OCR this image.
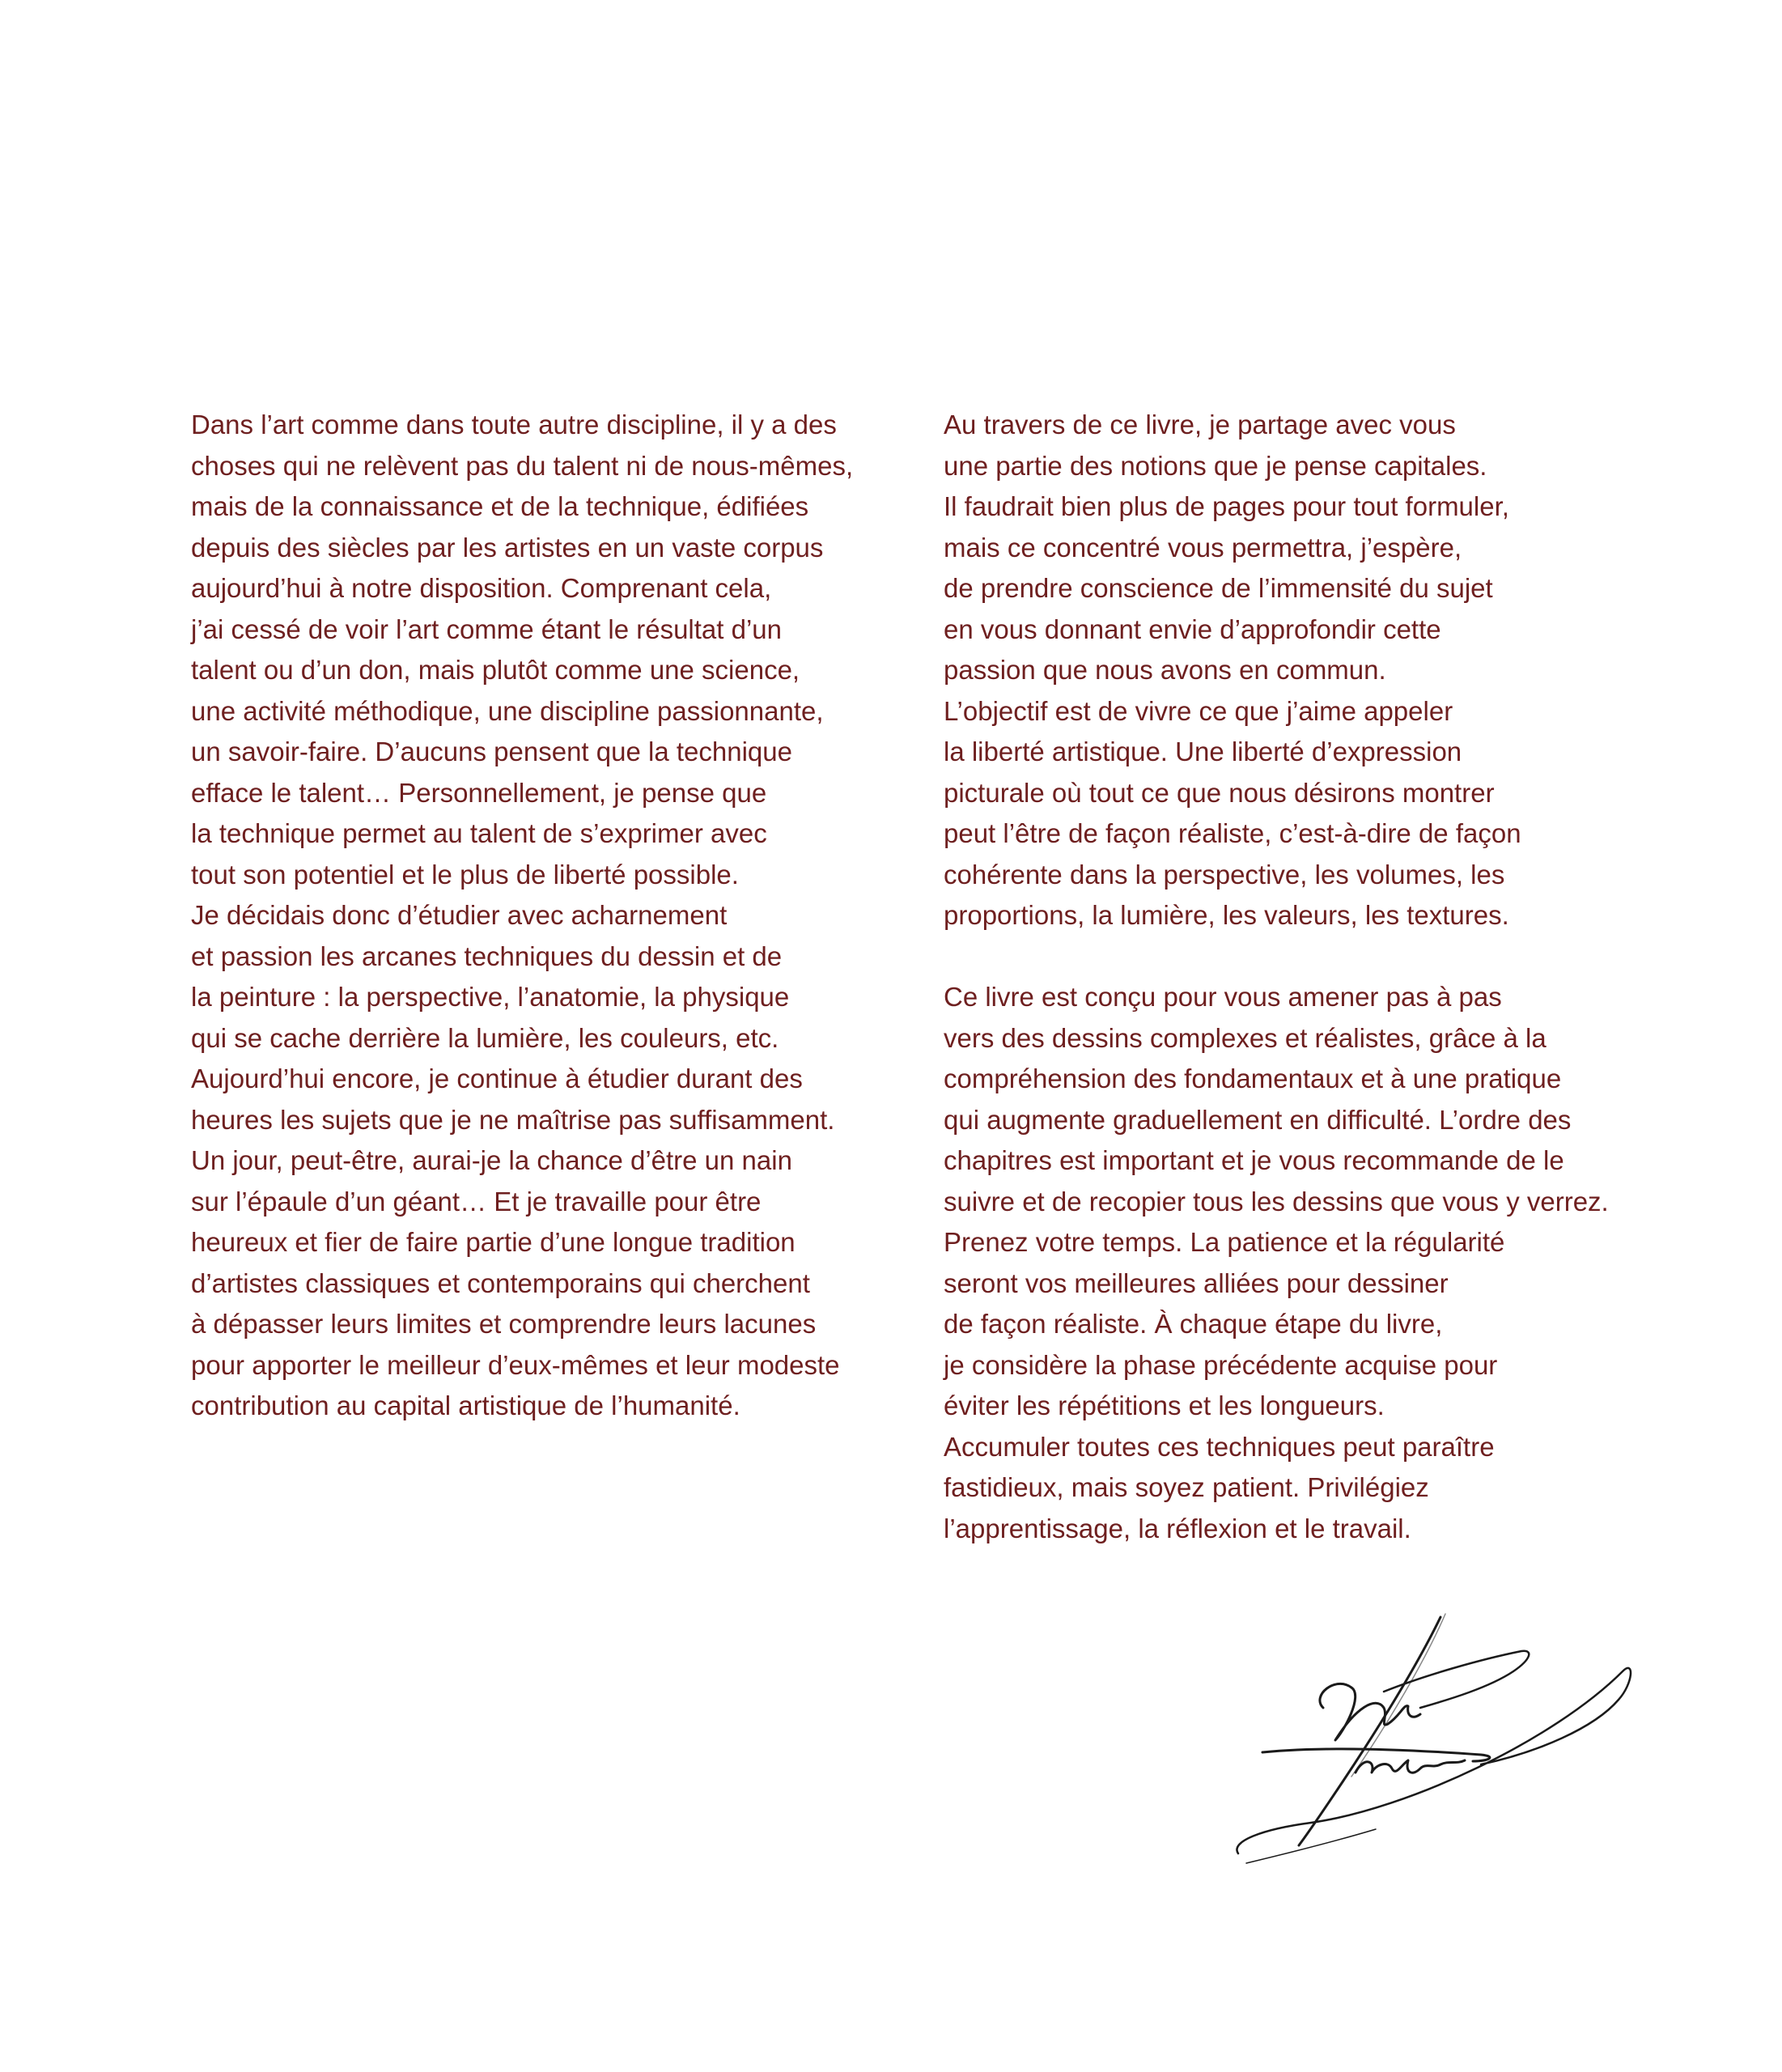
Dans l’art comme dans toute autre discipline, il y a des
choses qui ne relèvent pas du talent ni de nous-mêmes,
mais de la connaissance et de la technique, édifiées
depuis des siècles par les artistes en un vaste corpus
aujourd’hui à notre disposition. Comprenant cela,
j’ai cessé de voir l’art comme étant le résultat d’un
talent ou d’un don, mais plutôt comme une science,
une activité méthodique, une discipline passionnante,
un savoir-faire. D’aucuns pensent que la technique
efface le talent… Personnellement, je pense que
la technique permet au talent de s’exprimer avec
tout son potentiel et le plus de liberté possible.
Je décidais donc d’étudier avec acharnement
et passion les arcanes techniques du dessin et de
la peinture : la perspective, l’anatomie, la physique
qui se cache derrière la lumière, les couleurs, etc.
Aujourd’hui encore, je continue à étudier durant des
heures les sujets que je ne maîtrise pas suffisamment.
Un jour, peut-être, aurai-je la chance d’être un nain
sur l’épaule d’un géant… Et je travaille pour être
heureux et fier de faire partie d’une longue tradition
d’artistes classiques et contemporains qui cherchent
à dépasser leurs limites et comprendre leurs lacunes
pour apporter le meilleur d’eux-mêmes et leur modeste
contribution au capital artistique de l’humanité.
Au travers de ce livre, je partage avec vous
une partie des notions que je pense capitales.
Il faudrait bien plus de pages pour tout formuler,
mais ce concentré vous permettra, j’espère,
de prendre conscience de l’immensité du sujet
en vous donnant envie d’approfondir cette
passion que nous avons en commun.
L’objectif est de vivre ce que j’aime appeler
la liberté artistique. Une liberté d’expression
picturale où tout ce que nous désirons montrer
peut l’être de façon réaliste, c’est-à-dire de façon
cohérente dans la perspective, les volumes, les
proportions, la lumière, les valeurs, les textures.
Ce livre est conçu pour vous amener pas à pas
vers des dessins complexes et réalistes, grâce à la
compréhension des fondamentaux et à une pratique
qui augmente graduellement en difficulté. L’ordre des
chapitres est important et je vous recommande de le
suivre et de recopier tous les dessins que vous y verrez.
Prenez votre temps. La patience et la régularité
seront vos meilleures alliées pour dessiner
de façon réaliste. À chaque étape du livre,
je considère la phase précédente acquise pour
éviter les répétitions et les longueurs.
Accumuler toutes ces techniques peut paraître
fastidieux, mais soyez patient. Privilégiez
l’apprentissage, la réflexion et le travail.
